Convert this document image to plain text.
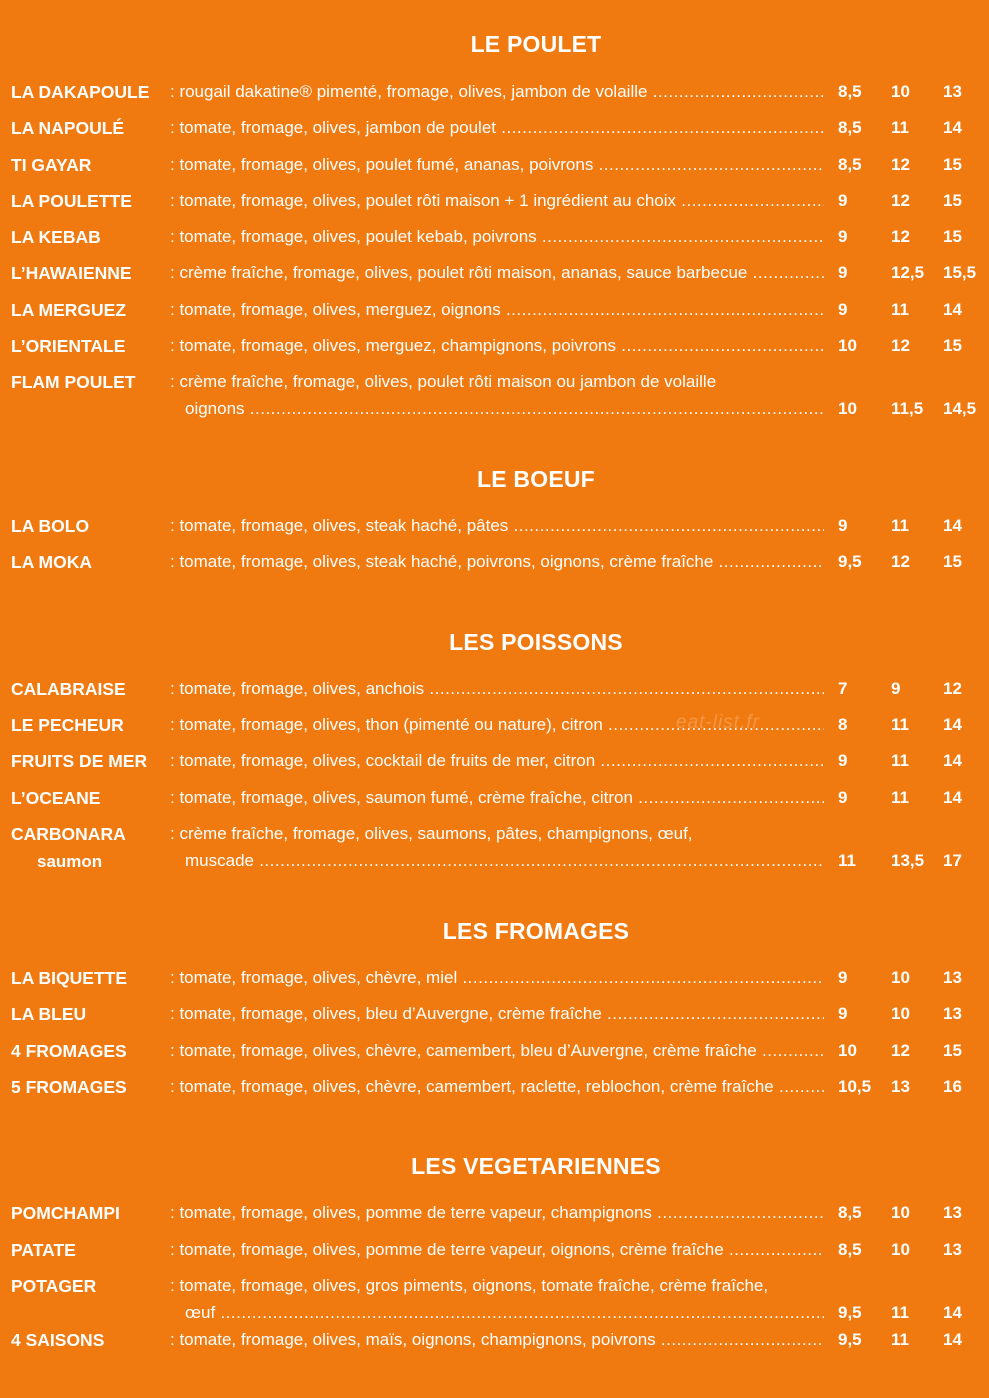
LE POULET
LA DAKAPOULE : rougail dakatine® pimenté, fromage, olives, jambon de volaille .....	8,5 10 13
LA NAPOULÉ	: tomate, fromage, olives, jambon de poulet .....	8,5 11 14
TI GAYAR	: tomate, fromage, olives, poulet fumé, ananas, poivrons .....	8,5 12 15
LA POULETTE : tomate, fromage, olives, poulet rôti maison + 1 ingrédient au choix .....	9	12 15
LA KEBAB	: tomate, fromage, olives, poulet kebab, poivrons .....	9	12 15
L’HAWAIENNE : crème fraîche, fromage, olives, poulet rôti maison, ananas, sauce barbecue .....	9	12,5 15,5
LA MERGUEZ	: tomate, fromage, olives, merguez, oignons .....	9	11 14
L’ORIENTALE	: tomate, fromage, olives, merguez, champignons, poivrons .....	10 12 15
FLAM POULET : crème fraîche, fromage, olives, poulet rôti maison ou jambon de volaille
oignons .....	10 11,5 14,5
LE BOEUF
LA BOLO	: tomate, fromage, olives, steak haché, pâtes .....	9	11 14
LA MOKA	: tomate, fromage, olives, steak haché, poivrons, oignons, crème fraîche .....	9,5 12 15
LES POISSONS
CALABRAISE	: tomate, fromage, olives, anchois .....	7	9	12
LE PECHEUR	: tomate, fromage, olives, thon (pimenté ou nature), citron .....	8	11 14
FRUITS DE MER : tomate, fromage, olives, cocktail de fruits de mer, citron .....	9	11 14
L’OCEANE	: tomate, fromage, olives, saumon fumé, crème fraîche, citron .....	9	11 14
CARBONARA
saumon
: crème fraîche, fromage, olives, saumons, pâtes, champignons, œuf,
muscade .....	11 13,5 17
LES FROMAGES
LA BIQUETTE	: tomate, fromage, olives, chèvre, miel .....	9	10 13
LA BLEU	: tomate, fromage, olives, bleu d’Auvergne, crème fraîche .....	9	10 13
4 FROMAGES	: tomate, fromage, olives, chèvre, camembert, bleu d’Auvergne, crème fraîche .....	10 12 15
5 FROMAGES	: tomate, fromage, olives, chèvre, camembert, raclette, reblochon, crème fraîche .....	10,5 13 16
LES VEGETARIENNES
POMCHAMPI	: tomate, fromage, olives, pomme de terre vapeur, champignons .....	8,5 10 13
PATATE	: tomate, fromage, olives, pomme de terre vapeur, oignons, crème fraîche .....	8,5 10 13
POTAGER	: tomate, fromage, olives, gros piments, oignons, tomate fraîche, crème fraîche,
œuf .....	9,5 11 14
4 SAISONS	: tomate, fromage, olives, maïs, oignons, champignons, poivrons .....	9,5 11 14
eat-list.fr
